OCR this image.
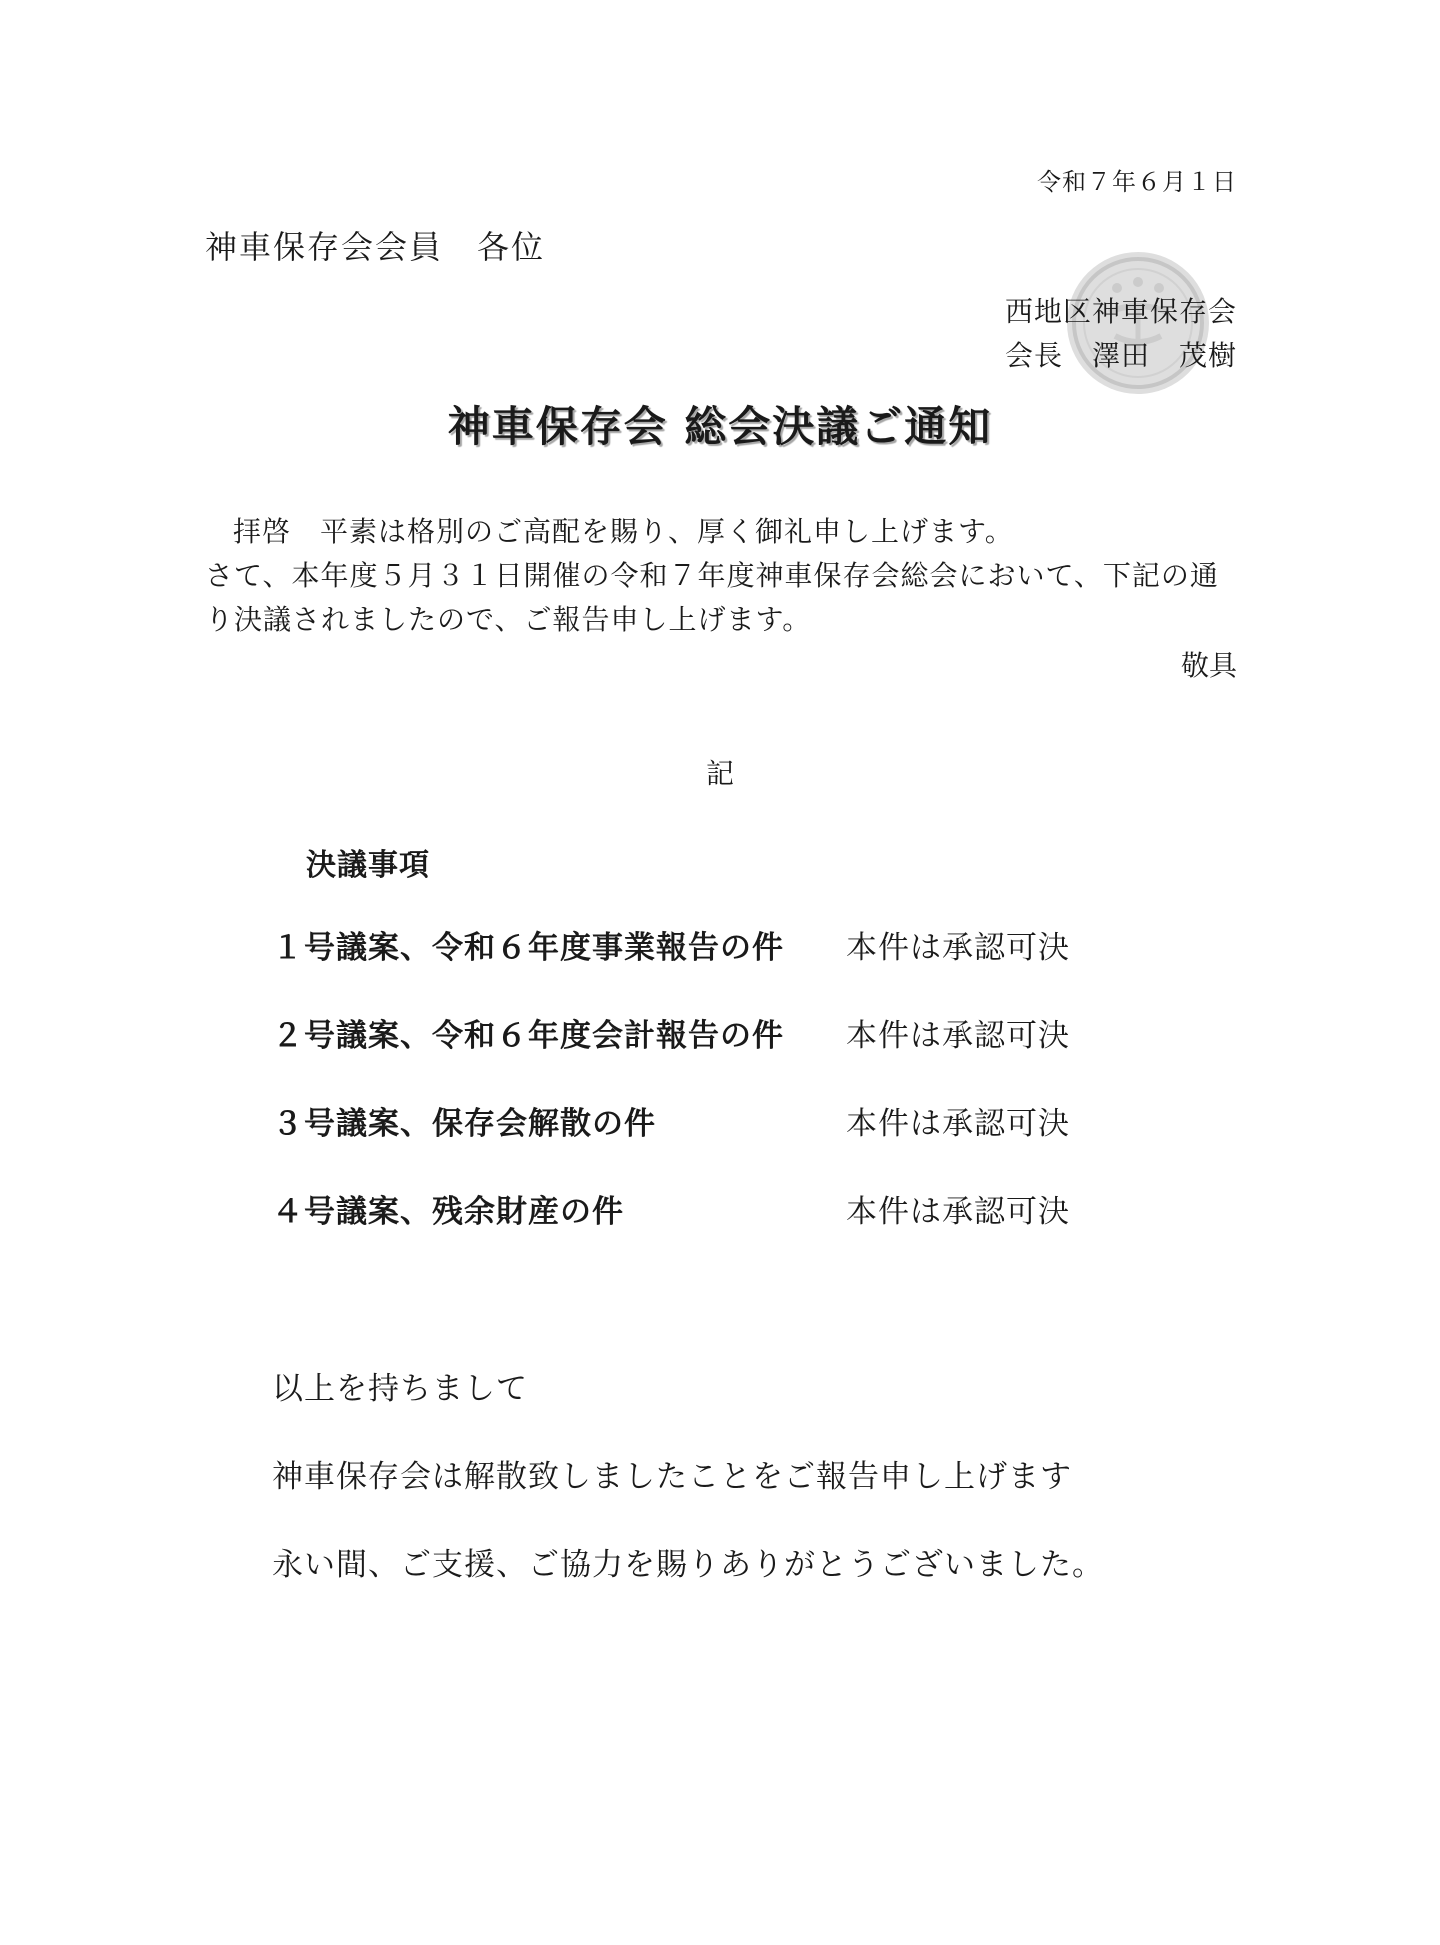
令和７年６月１日
神車保存会会員　各位
西地区神車保存会
会長　澤田　茂樹
神車保存会 総会決議ご通知

拝啓　平素は格別のご高配を賜り、厚く御礼申し上げます。

さて、本年度５月３１日開催の令和７年度神車保存会総会において、下記の通

り決議されましたので、ご報告申し上げます。

敬具
記
決議事項
１号議案、令和６年度事業報告の件 本件は承認可決
２号議案、令和６年度会計報告の件 本件は承認可決
３号議案、保存会解散の件	本件は承認可決
４号議案、残余財産の件	本件は承認可決

以上を持ちまして

神車保存会は解散致しましたことをご報告申し上げます

永い間、ご支援、ご協力を賜りありがとうございました。
